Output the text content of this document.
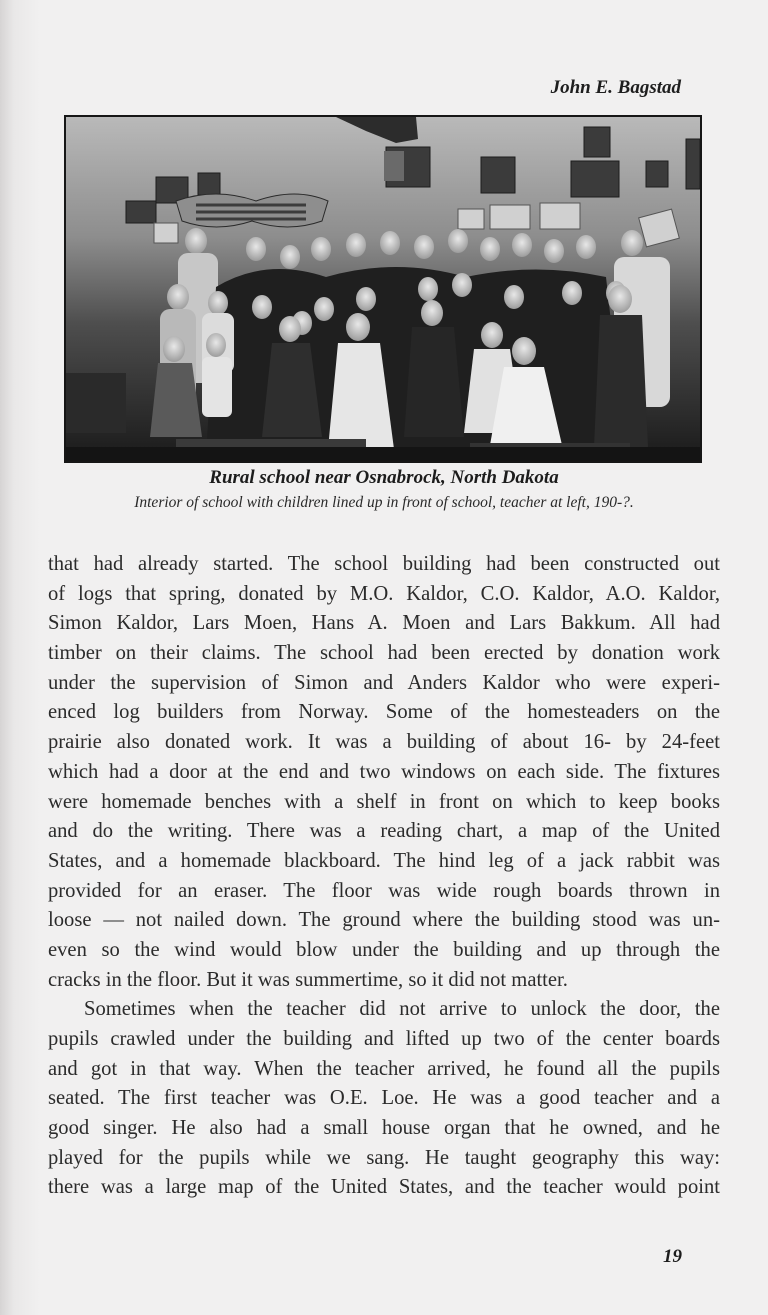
John E. Bagstad
Rural school near Osnabrock, North Dakota
Interior of school with children lined up in front of school, teacher at left, 190-?.
that had already started. The school building had been constructed out
of logs that spring, donated by M.O. Kaldor, C.O. Kaldor, A.O. Kaldor,
Simon Kaldor, Lars Moen, Hans A. Moen and Lars Bakkum. All had
timber on their claims. The school had been erected by donation work
under the supervision of Simon and Anders Kaldor who were experi-
enced log builders from Norway. Some of the homesteaders on the
prairie also donated work. It was a building of about 16- by 24-feet
which had a door at the end and two windows on each side. The fixtures
were homemade benches with a shelf in front on which to keep books
and do the writing. There was a reading chart, a map of the United
States, and a homemade blackboard. The hind leg of a jack rabbit was
provided for an eraser. The floor was wide rough boards thrown in
loose — not nailed down. The ground where the building stood was un-
even so the wind would blow under the building and up through the
cracks in the floor. But it was summertime, so it did not matter.
Sometimes when the teacher did not arrive to unlock the door, the
pupils crawled under the building and lifted up two of the center boards
and got in that way. When the teacher arrived, he found all the pupils
seated. The first teacher was O.E. Loe. He was a good teacher and a
good singer. He also had a small house organ that he owned, and he
played for the pupils while we sang. He taught geography this way:
there was a large map of the United States, and the teacher would point
19
